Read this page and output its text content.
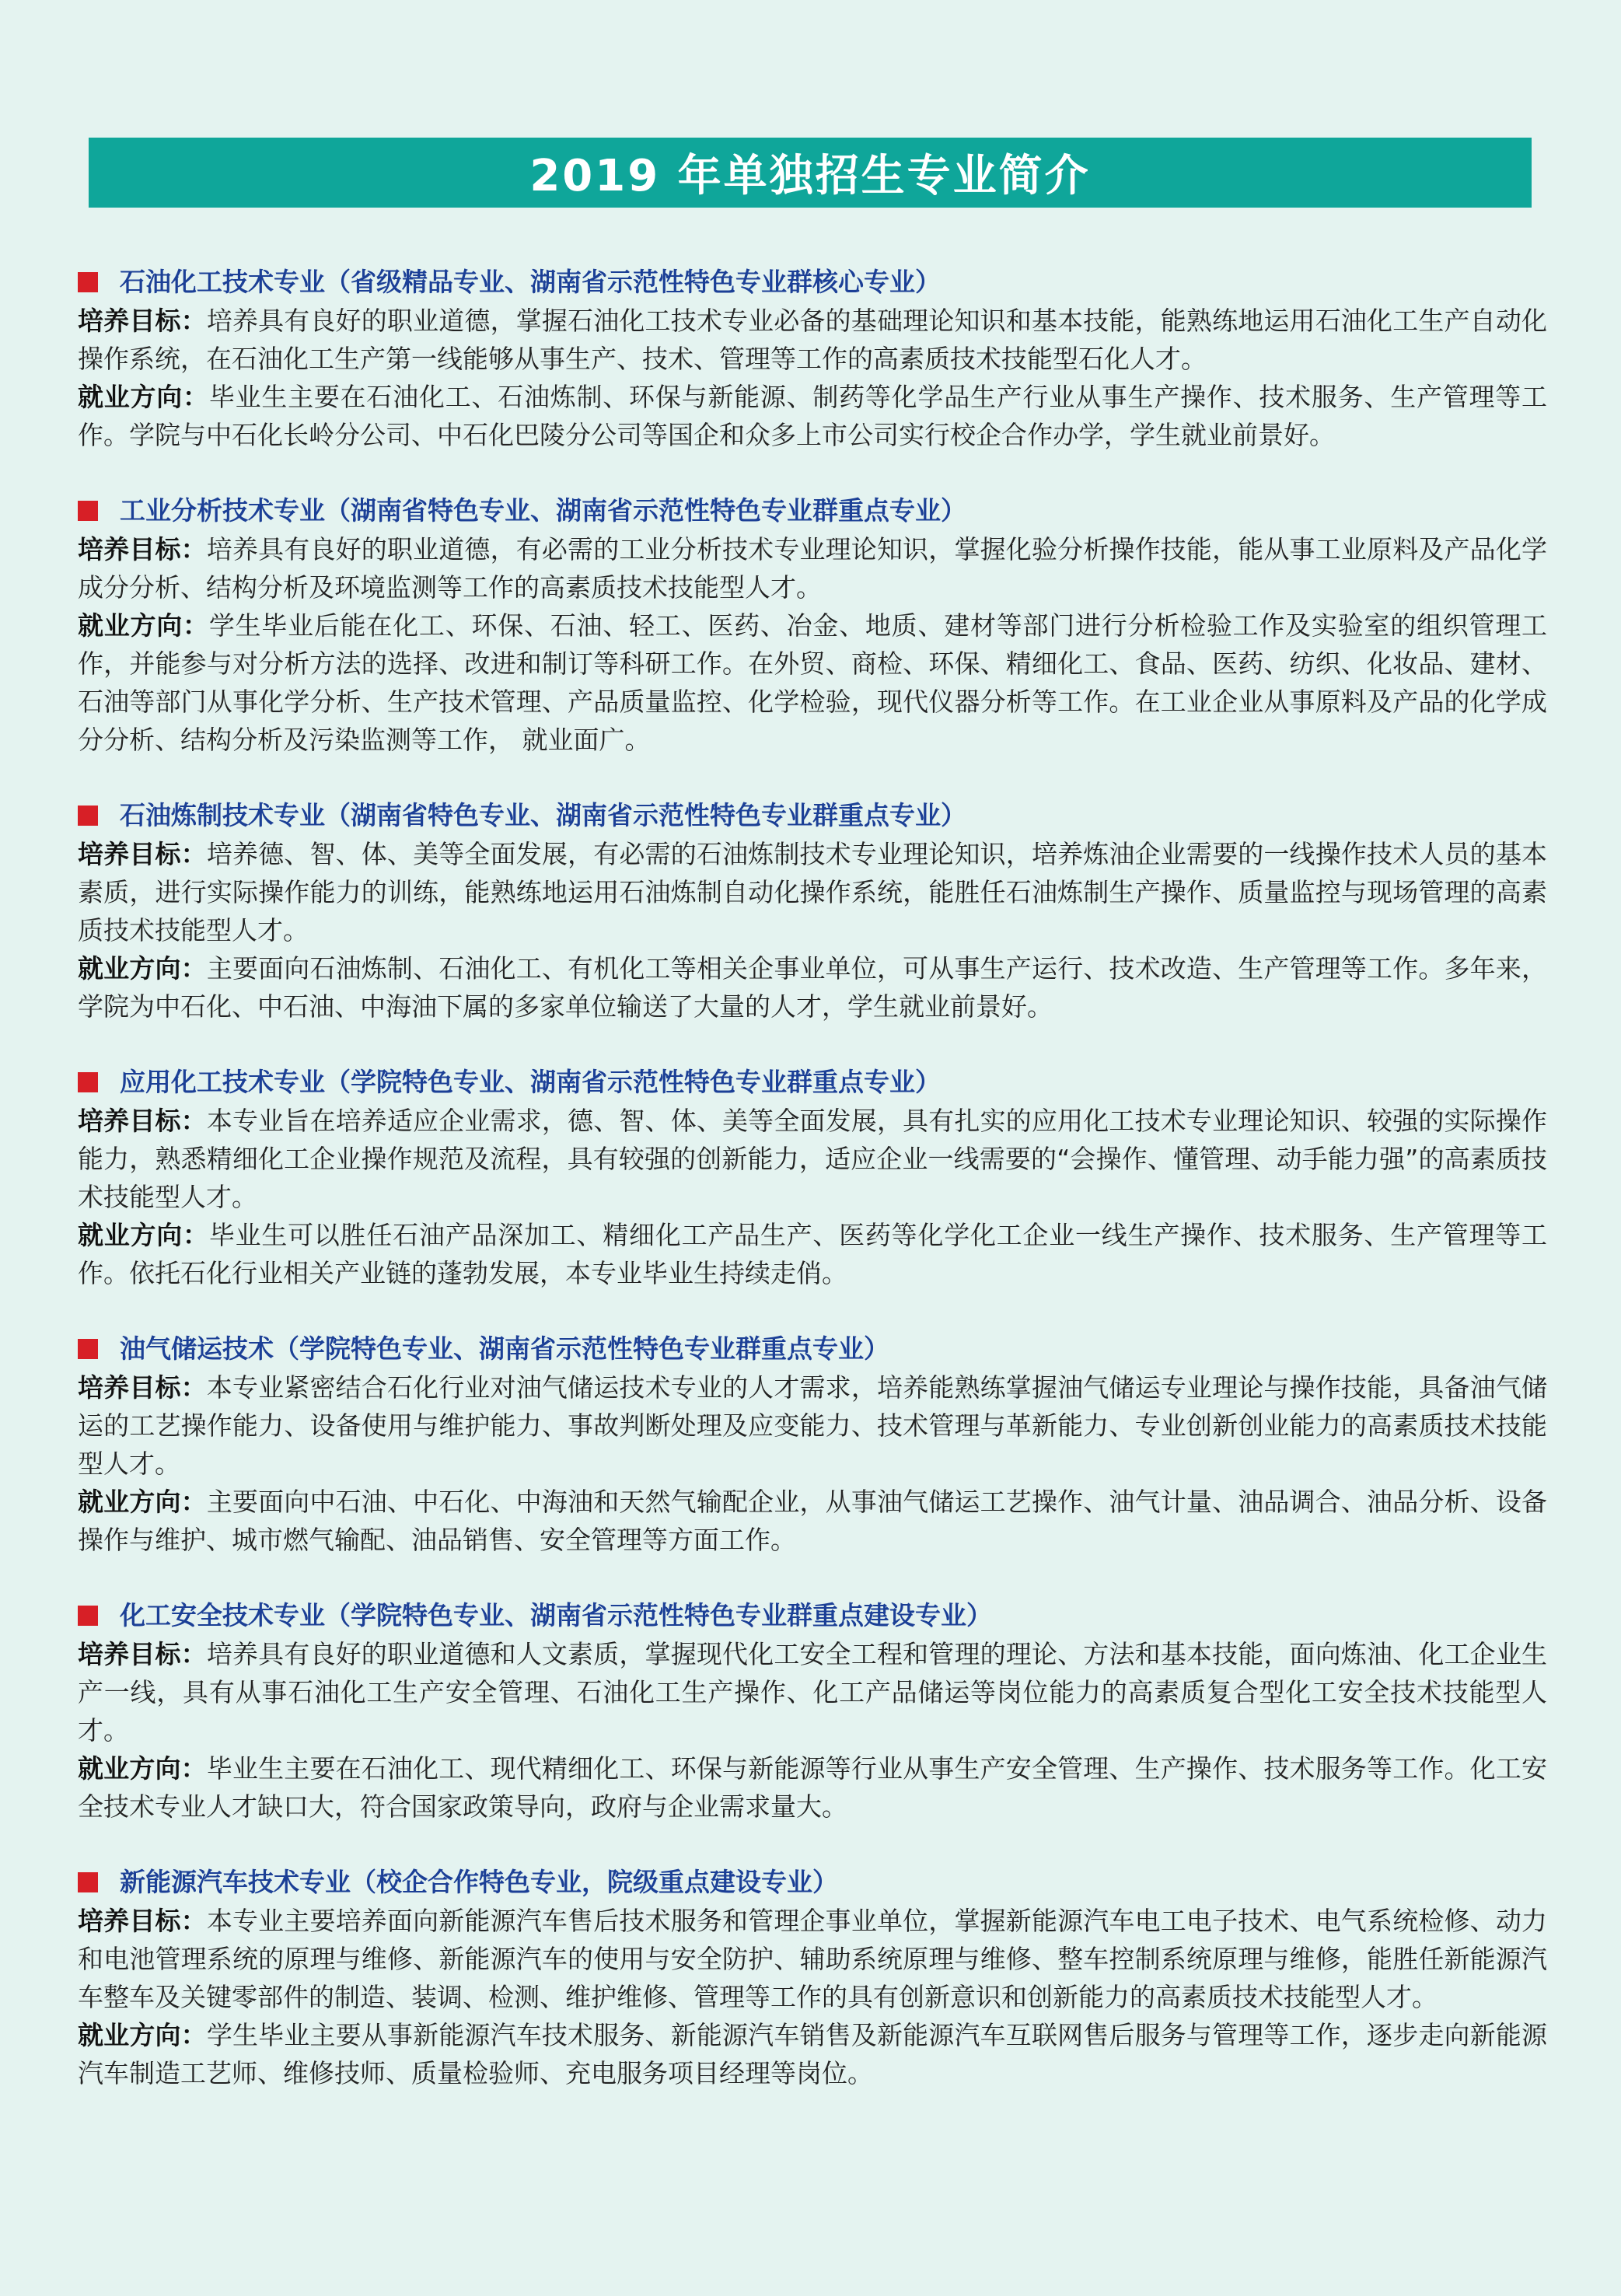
2019 年单独招生专业简介
石油化工技术专业（省级精品专业、湖南省示范性特色专业群核心专业）

培养目标：培养具有良好的职业道德，掌握石油化工技术专业必备的基础理论知识和基本技能，能熟练地运用石油化工生产自动化操作系统，在石油化工生产第一线能够从事生产、技术、管理等工作的高素质技术技能型石化人才。

就业方向：毕业生主要在石油化工、石油炼制、环保与新能源、制药等化学品生产行业从事生产操作、技术服务、生产管理等工作。学院与中石化长岭分公司、中石化巴陵分公司等国企和众多上市公司实行校企合作办学，学生就业前景好。

工业分析技术专业（湖南省特色专业、湖南省示范性特色专业群重点专业）

培养目标：培养具有良好的职业道德，有必需的工业分析技术专业理论知识，掌握化验分析操作技能，能从事工业原料及产品化学成分分析、结构分析及环境监测等工作的高素质技术技能型人才。

就业方向：学生毕业后能在化工、环保、石油、轻工、医药、冶金、地质、建材等部门进行分析检验工作及实验室的组织管理工作，并能参与对分析方法的选择、改进和制订等科研工作。在外贸、商检、环保、精细化工、食品、医药、纺织、化妆品、建材、石油等部门从事化学分析、生产技术管理、产品质量监控、化学检验，现代仪器分析等工作。在工业企业从事原料及产品的化学成分分析、结构分析及污染监测等工作， 就业面广。

石油炼制技术专业（湖南省特色专业、湖南省示范性特色专业群重点专业）

培养目标：培养德、智、体、美等全面发展，有必需的石油炼制技术专业理论知识，培养炼油企业需要的一线操作技术人员的基本素质，进行实际操作能力的训练，能熟练地运用石油炼制自动化操作系统，能胜任石油炼制生产操作、质量监控与现场管理的高素质技术技能型人才。

就业方向：主要面向石油炼制、石油化工、有机化工等相关企事业单位，可从事生产运行、技术改造、生产管理等工作。多年来，学院为中石化、中石油、中海油下属的多家单位输送了大量的人才，学生就业前景好。

应用化工技术专业（学院特色专业、湖南省示范性特色专业群重点专业）

培养目标：本专业旨在培养适应企业需求，德、智、体、美等全面发展，具有扎实的应用化工技术专业理论知识、较强的实际操作能力，熟悉精细化工企业操作规范及流程，具有较强的创新能力，适应企业一线需要的“会操作、懂管理、动手能力强”的高素质技术技能型人才。

就业方向：毕业生可以胜任石油产品深加工、精细化工产品生产、医药等化学化工企业一线生产操作、技术服务、生产管理等工作。依托石化行业相关产业链的蓬勃发展，本专业毕业生持续走俏。

油气储运技术（学院特色专业、湖南省示范性特色专业群重点专业）

培养目标：本专业紧密结合石化行业对油气储运技术专业的人才需求，培养能熟练掌握油气储运专业理论与操作技能，具备油气储运的工艺操作能力、设备使用与维护能力、事故判断处理及应变能力、技术管理与革新能力、专业创新创业能力的高素质技术技能型人才。

就业方向：主要面向中石油、中石化、中海油和天然气输配企业，从事油气储运工艺操作、油气计量、油品调合、油品分析、设备操作与维护、城市燃气输配、油品销售、安全管理等方面工作。

化工安全技术专业（学院特色专业、湖南省示范性特色专业群重点建设专业）

培养目标：培养具有良好的职业道德和人文素质，掌握现代化工安全工程和管理的理论、方法和基本技能，面向炼油、化工企业生产一线，具有从事石油化工生产安全管理、石油化工生产操作、化工产品储运等岗位能力的高素质复合型化工安全技术技能型人才。

就业方向：毕业生主要在石油化工、现代精细化工、环保与新能源等行业从事生产安全管理、生产操作、技术服务等工作。化工安全技术专业人才缺口大，符合国家政策导向，政府与企业需求量大。

新能源汽车技术专业（校企合作特色专业，院级重点建设专业）

培养目标：本专业主要培养面向新能源汽车售后技术服务和管理企事业单位，掌握新能源汽车电工电子技术、电气系统检修、动力和电池管理系统的原理与维修、新能源汽车的使用与安全防护、辅助系统原理与维修、整车控制系统原理与维修，能胜任新能源汽车整车及关键零部件的制造、装调、检测、维护维修、管理等工作的具有创新意识和创新能力的高素质技术技能型人才。

就业方向：学生毕业主要从事新能源汽车技术服务、新能源汽车销售及新能源汽车互联网售后服务与管理等工作，逐步走向新能源汽车制造工艺师、维修技师、质量检验师、充电服务项目经理等岗位。
